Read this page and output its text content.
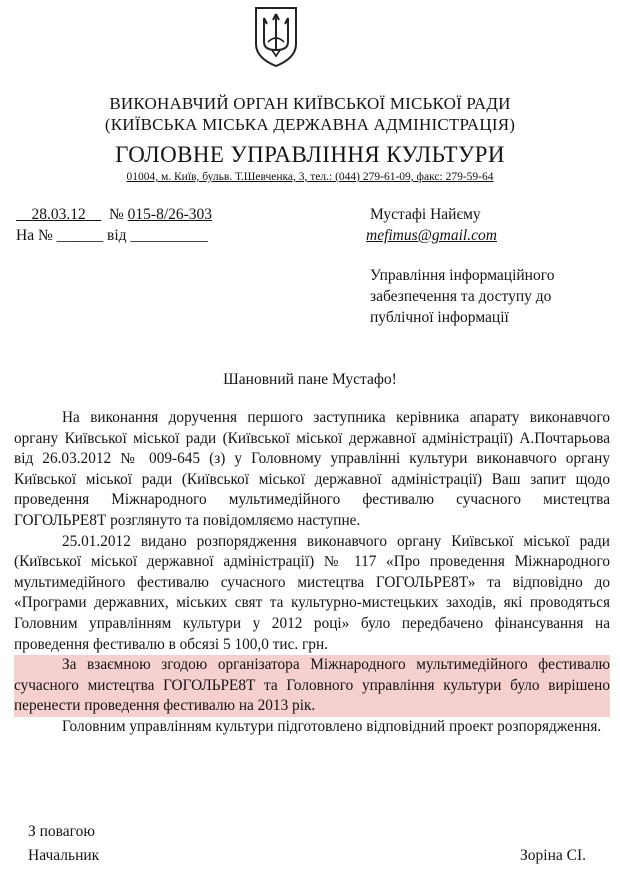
ВИКОНАВЧИЙ ОРГАН КИЇВСЬКОЇ МІСЬКОЇ РАДИ
(КИЇВСЬКА МІСЬКА ДЕРЖАВНА АДМІНІСТРАЦІЯ)
ГОЛОВНЕ УПРАВЛІННЯ КУЛЬТУРИ
01004, м. Київ, бульв. Т.Шевченка, 3, тел.: (044) 279-61-09, факс: 279-59-64
28.03.12 № 015-8/26-303
На № ______ від __________
Мустафі Найєму
mefimus@gmail.com
Управління інформаційного забезпечення та доступу до публічної інформації
Шановний пане Мустафо!

На виконання доручення першого заступника керівника апарату виконавчого органу Київської міської ради (Київської міської державної адміністрації) А.Почтарьова від 26.03.2012 № 009-645 (з) у Головному управлінні культури виконавчого органу Київської міської ради (Київської міської державної адміністрації) Ваш запит щодо проведення Міжнародного мультимедійного фестивалю сучасного мистецтва ГОГОЛЬРЕ8Т розглянуто та повідомляємо наступне.

25.01.2012 видано розпорядження виконавчого органу Київської міської ради (Київської міської державної адміністрації) № 117 «Про проведення Міжнародного мультимедійного фестивалю сучасного мистецтва ГОГОЛЬРЕ8Т» та відповідно до «Програми державних, міських свят та культурно-мистецьких заходів, які проводяться Головним управлінням культури у 2012 році» було передбачено фінансування на проведення фестивалю в обсязі 5 100,0 тис. грн.

За взаємною згодою організатора Міжнародного мультимедійного фестивалю сучасного мистецтва ГОГОЛЬРЕ8Т та Головного управління культури було вирішено перенести проведення фестивалю на 2013 рік.

Головним управлінням культури підготовлено відповідний проект розпорядження.

З повагою
Начальник	Зоріна СІ.
